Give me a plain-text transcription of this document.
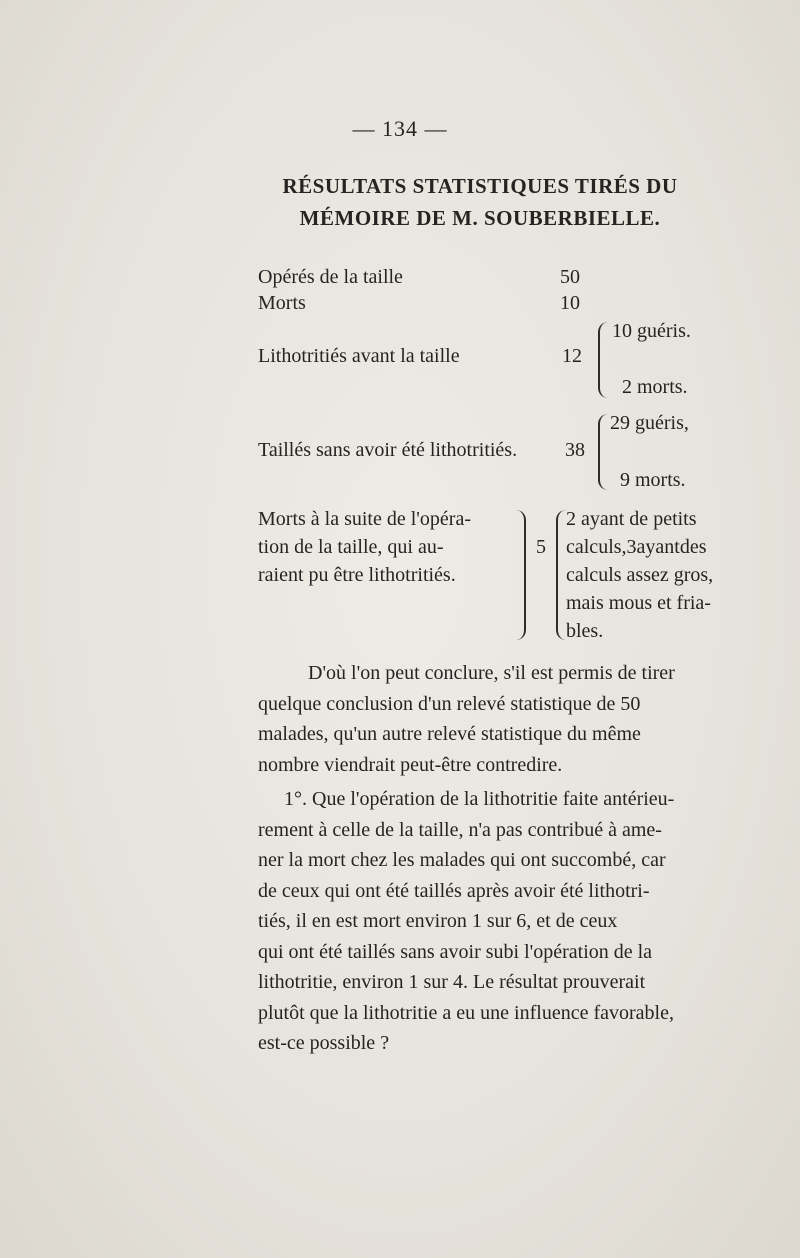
— 134 —
RÉSULTATS STATISTIQUES TIRÉS DU
MÉMOIRE DE M. SOUBERBIELLE.
Opérés de la taille	50
Morts	10
Lithotritiés avant la taille	12
10 guéris.
2 morts.
Taillés sans avoir été lithotritiés. 38
29 guéris,
9 morts.
Morts à la suite de l'opéra-
tion de la taille, qui au-
raient pu être lithotritiés.
5
2 ayant de petits
calculs,3ayantdes
calculs assez gros,
mais mous et fria-
bles.

D'où l'on peut conclure, s'il est permis de tirer

quelque conclusion d'un relevé statistique de 50

malades, qu'un autre relevé statistique du même

nombre viendrait peut-être contredire.

1°. Que l'opération de la lithotritie faite antérieu-

rement à celle de la taille, n'a pas contribué à ame-

ner la mort chez les malades qui ont succombé, car

de ceux qui ont été taillés après avoir été lithotri-

tiés, il en est mort environ 1 sur 6, et de ceux

qui ont été taillés sans avoir subi l'opération de la

lithotritie, environ 1 sur 4. Le résultat prouverait

plutôt que la lithotritie a eu une influence favorable,

est-ce possible ?
